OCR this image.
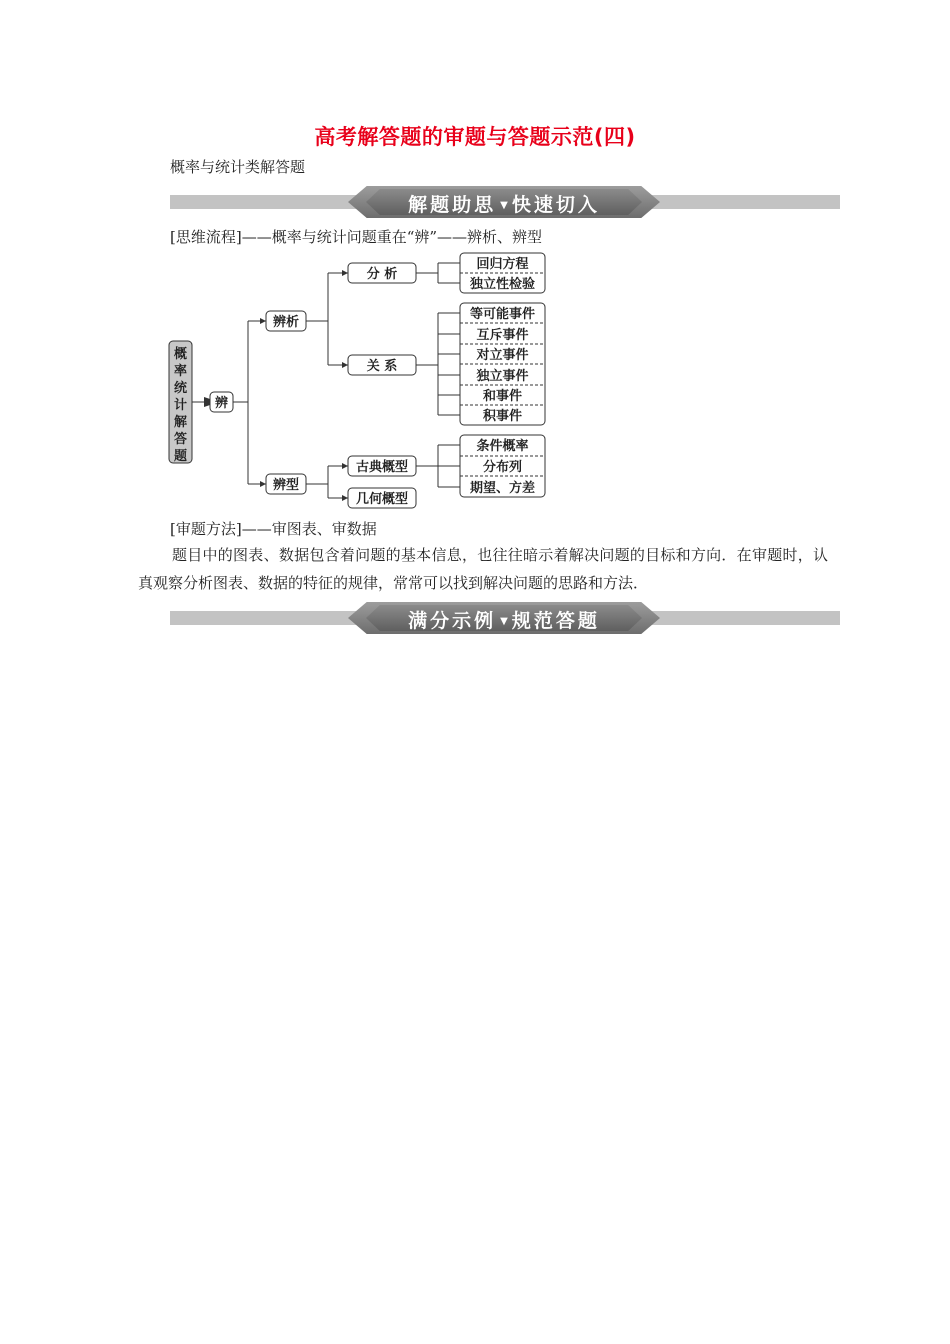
高考解答题的审题与答题示范(四)
概率与统计类解答题
解题助思 ▼ 快速切入
[思维流程]——概率与统计问题重在“辨”——辨析、辨型
概
率
统
计
解
答
题
辨
辨析
辨型
分 析
关 系
古典概型
几何概型
回归方程
独立性检验
等可能事件
互斥事件
对立事件
独立事件
和事件
积事件
条件概率
分布列
期望、方差
[审题方法]——审图表、审数据
题目中的图表、数据包含着问题的基本信息，也往往暗示着解决问题的目标和方向．在审题时，认真观察分析图表、数据的特征的规律，常常可以找到解决问题的思路和方法．
满分示例 ▼ 规范答题
